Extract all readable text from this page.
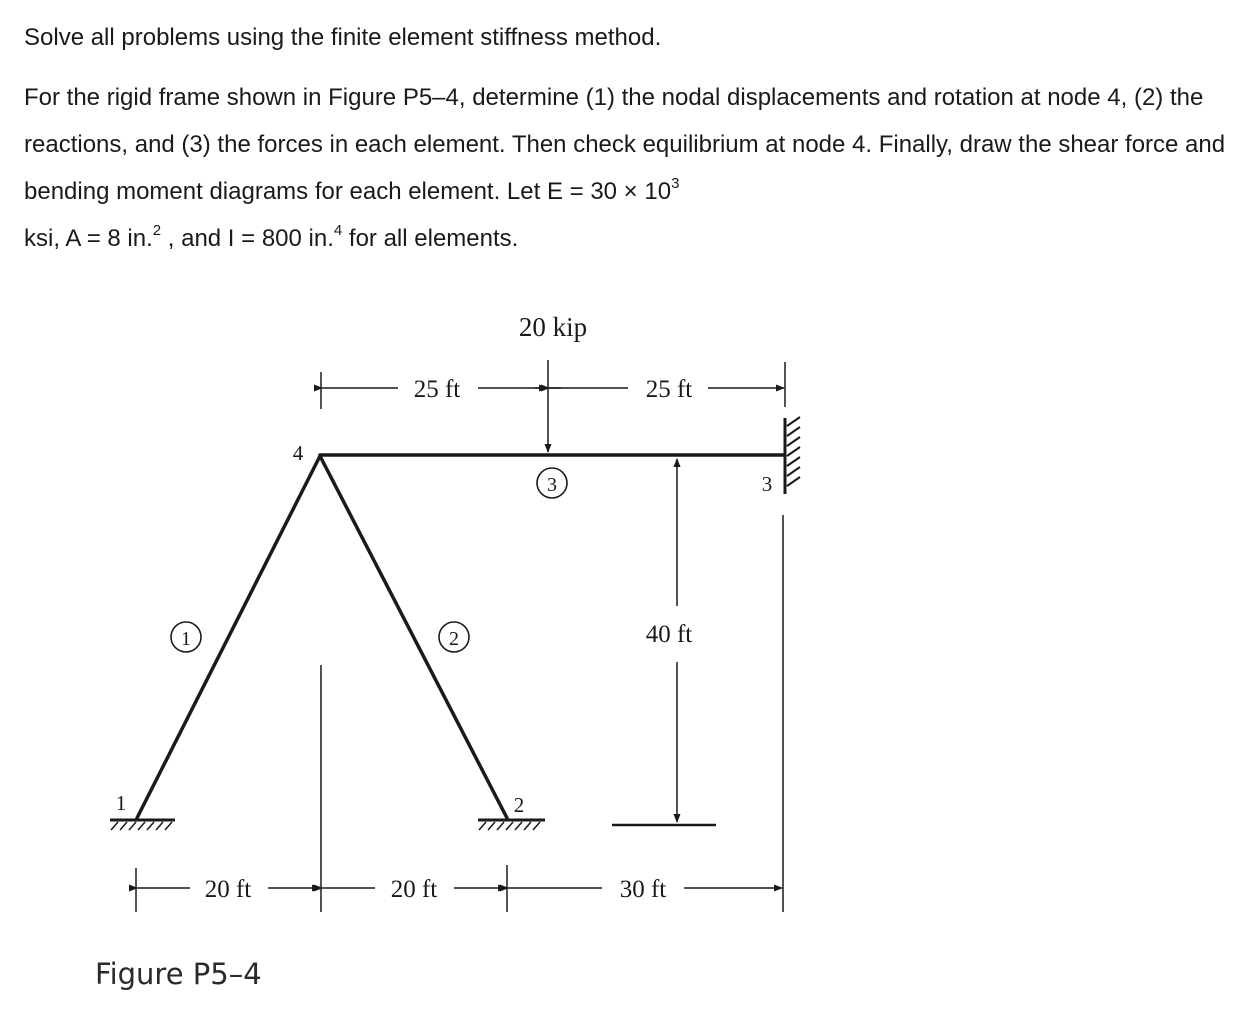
Solve all problems using the finite element stiffness method.
For the rigid frame shown in Figure P5–4, determine (1) the nodal displacements and rotation at node 4, (2) the reactions, and (3) the forces in each element. Then check equilibrium at node 4. Finally, draw the shear force and bending moment diagrams for each element. Let $E = 30 \times 10^3$
ksi, A = 8 in.$^2$ , and I = 800 in.$^4$ for all elements.
20 kip
25 ft	25 ft
40 ft
20 ft	20 ft	30 ft
4
1	2
3
1	2
3
Figure P5–4
